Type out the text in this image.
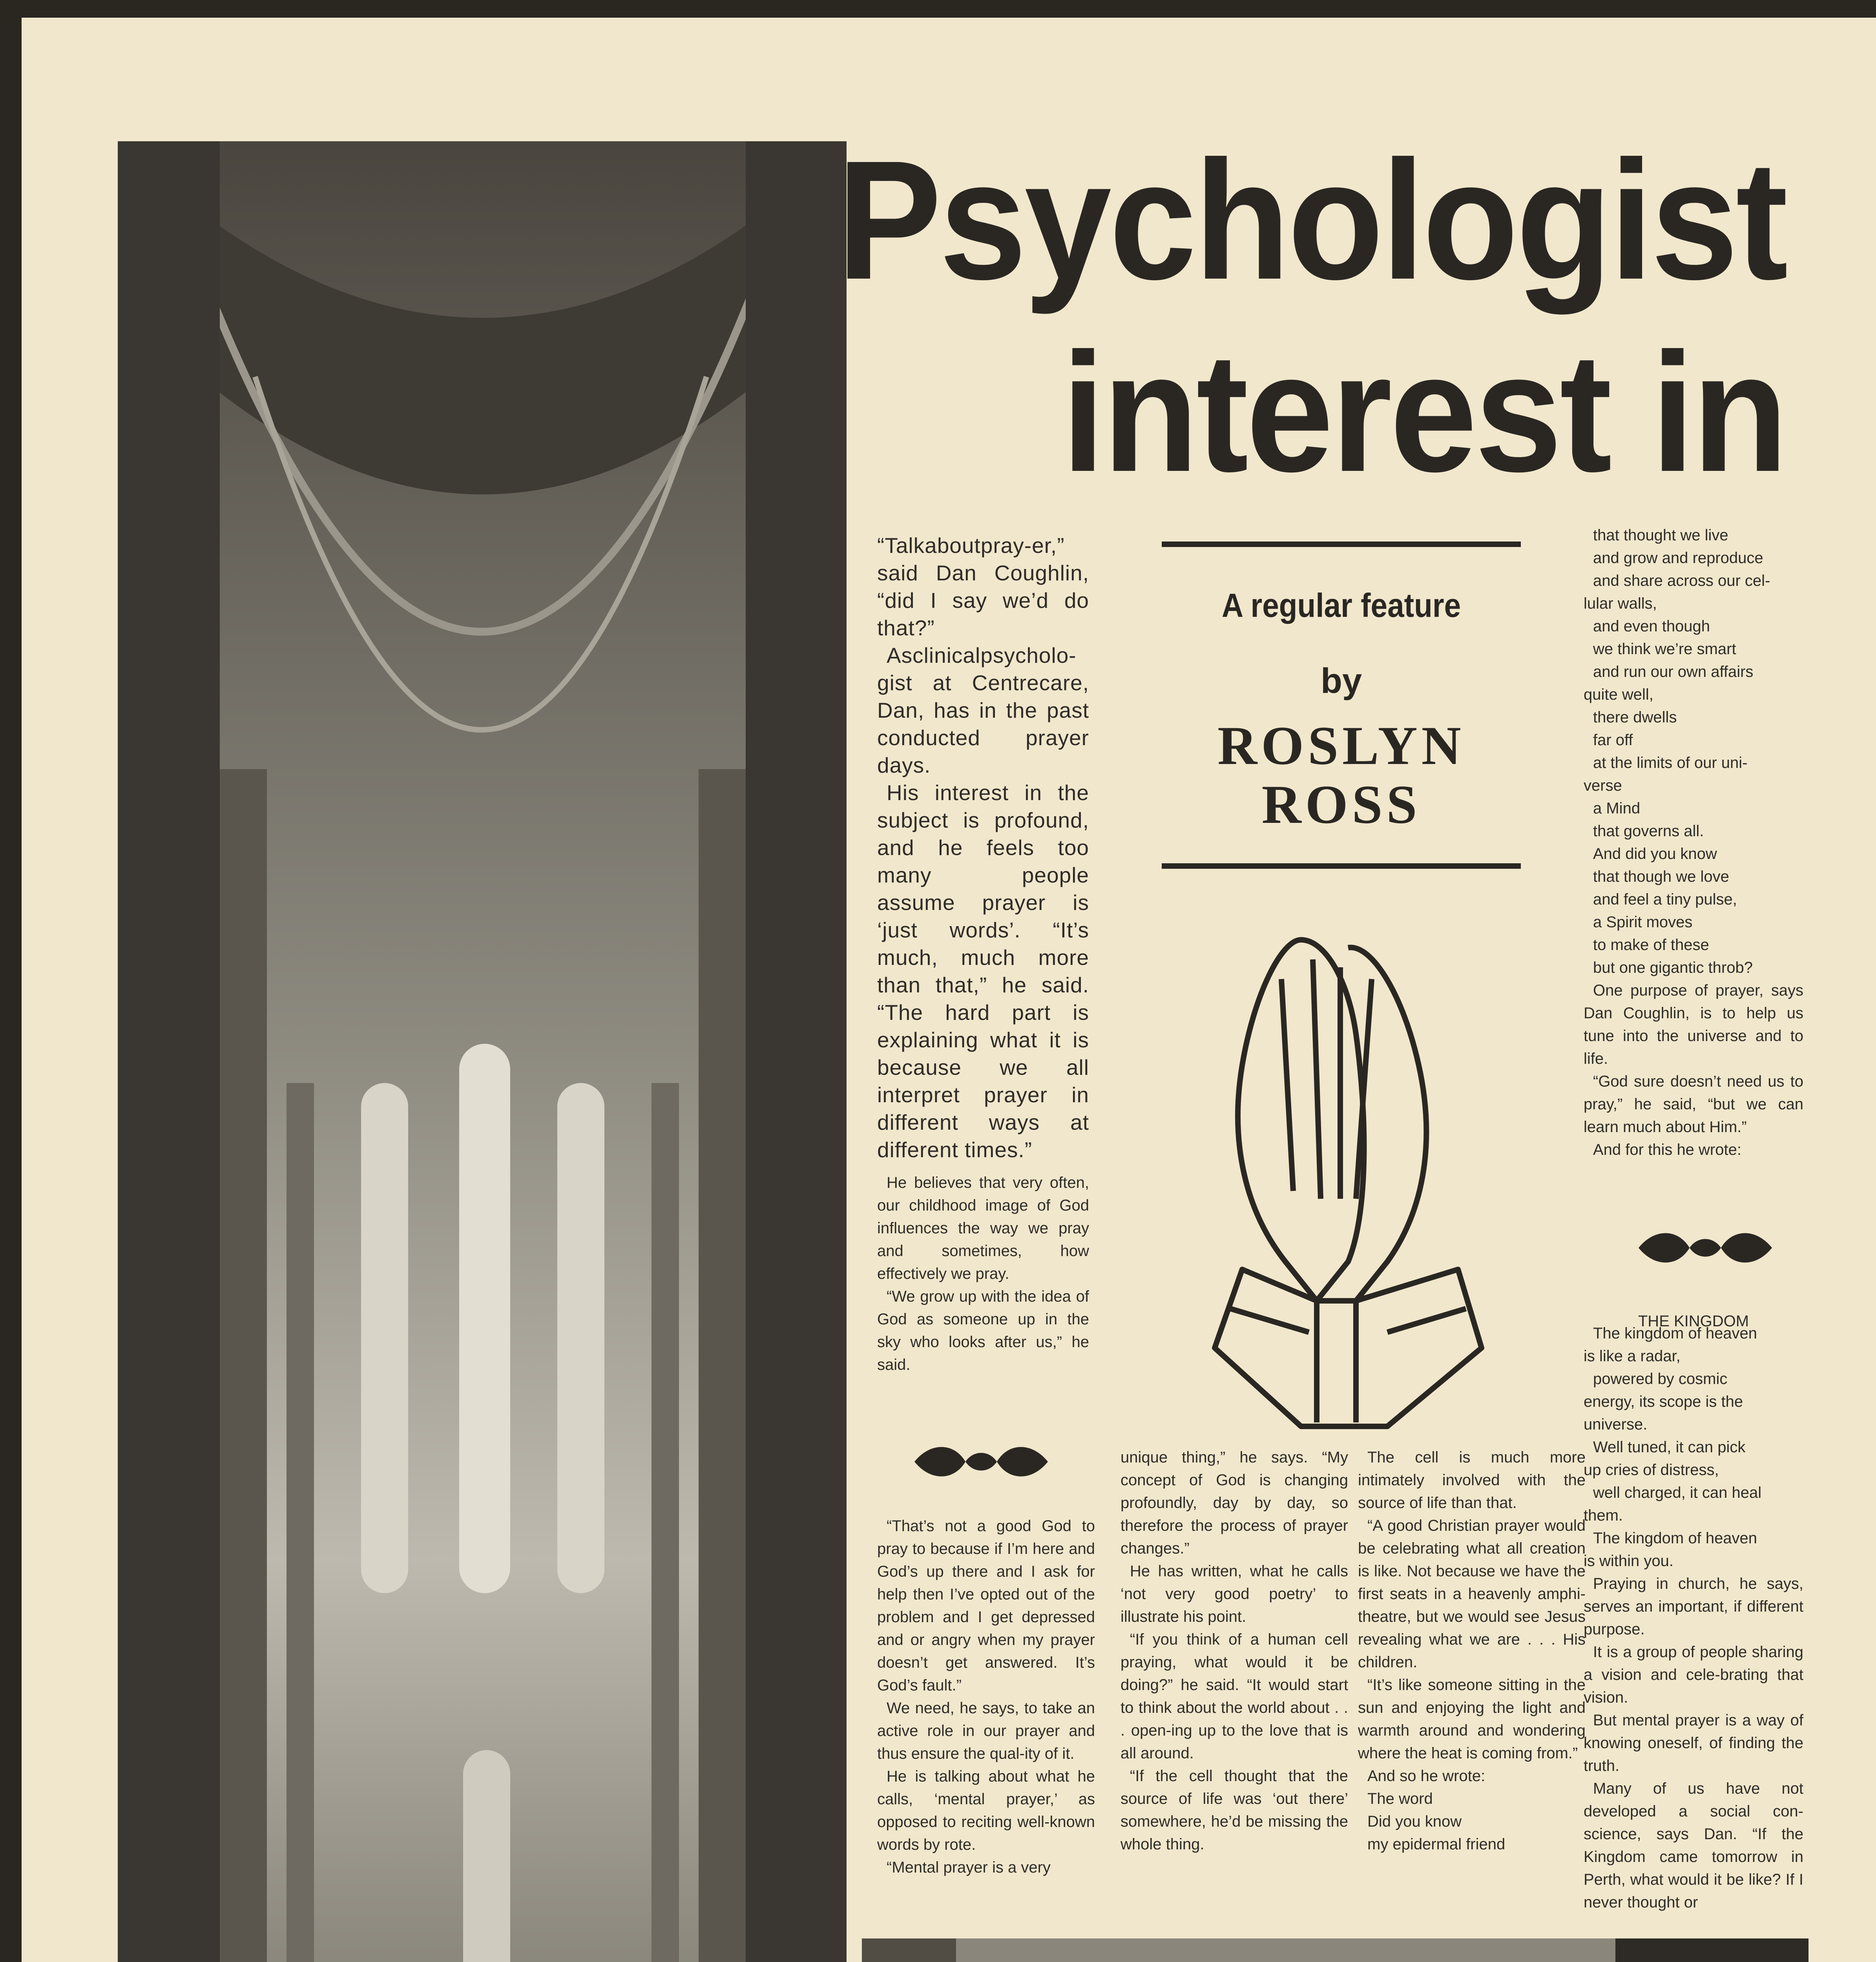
Psychologist
interest in

“Talkaboutpray-er,” said Dan Coughlin, “did I say we’d do that?”

Asclinicalpsycholo-gist at Centrecare, Dan, has in the past conducted prayer days.

His interest in the subject is profound, and he feels too many people assume prayer is ‘just words’. “It’s much, much more than that,” he said. “The hard part is explaining what it is because we all interpret prayer in different ways at different times.”

He believes that very often, our childhood image of God influences the way we pray and sometimes, how effectively we pray.

“We grow up with the idea of God as someone up in the sky who looks after us,” he said.

A regular feature
by
ROSLYN
ROSS

“That’s not a good God to pray to because if I’m here and God’s up there and I ask for help then I’ve opted out of the problem and I get depressed and or angry when my prayer doesn’t get answered. It’s God’s fault.”

We need, he says, to take an active role in our prayer and thus ensure the qual-ity of it.

He is talking about what he calls, ‘mental prayer,’ as opposed to reciting well-known words by rote.

“Mental prayer is a very

unique thing,” he says. “My concept of God is changing profoundly, day by day, so therefore the process of prayer changes.”

He has written, what he calls ‘not very good poetry’ to illustrate his point.

“If you think of a human cell praying, what would it be doing?” he said. “It would start to think about the world about . . . open-ing up to the love that is all around.

“If the cell thought that the source of life was ‘out there’ somewhere, he’d be missing the whole thing.

The cell is much more intimately involved with the source of life than that.

“A good Christian prayer would be celebrating what all creation is like. Not because we have the first seats in a heavenly amphi-theatre, but we would see Jesus revealing what we are . . . His children.

“It’s like someone sitting in the sun and enjoying the light and warmth around and wondering where the heat is coming from.”

And so he wrote:

The word
Did you know
my epidermal friend
that thought we live
and grow and reproduce
and share across our cel-
lular walls,
and even though
we think we’re smart
and run our own affairs
quite well,
there dwells
far off
at the limits of our uni-
verse
a Mind
that governs all.
And did you know
that though we love
and feel a tiny pulse,
a Spirit moves
to make of these
but one gigantic throb?

One purpose of prayer, says Dan Coughlin, is to help us tune into the universe and to life.

“God sure doesn’t need us to pray,” he said, “but we can learn much about Him.”

And for this he wrote:

The kingdom of heaven
is like a radar,
powered by cosmic
energy, its scope is the
universe.
Well tuned, it can pick
up cries of distress,
well charged, it can heal
them.
The kingdom of heaven
is within you.

Praying in church, he says, serves an important, if different purpose.

It is a group of people sharing a vision and cele-brating that vision.

But mental prayer is a way of knowing oneself, of finding the truth.

Many of us have not developed a social con-science, says Dan. “If the Kingdom came tomorrow in Perth, what would it be like? If I never thought or

THE KINGDOM
